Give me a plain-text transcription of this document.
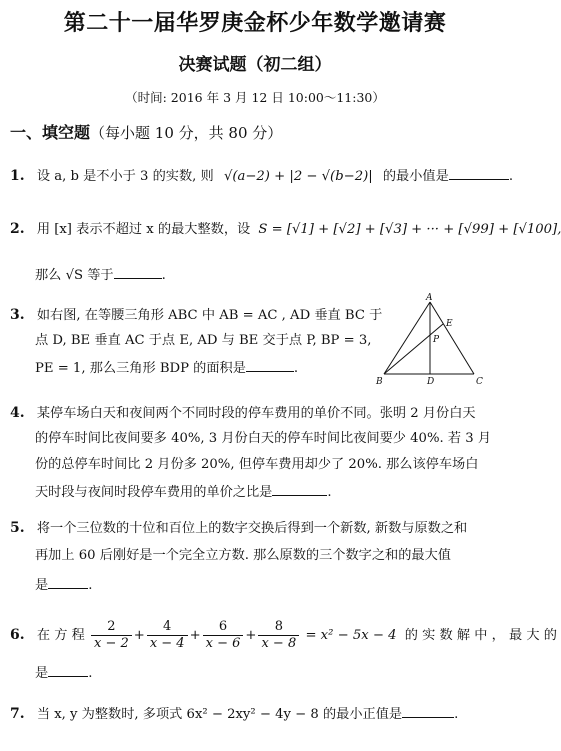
第二十一届华罗庚金杯少年数学邀请赛
决赛试题（初二组）
（时间: 2016 年 3 月 12 日 10:00～11:30）
一、填空题（每小题 10 分，共 80 分）
1. 设 a, b 是不小于 3 的实数, 则 √(a−2) + |2 − √(b−2)| 的最小值是	.
2. 用 [x] 表示不超过 x 的最大整数，设 S = [√1] + [√2] + [√3] + ··· + [√99] + [√100],
那么 √S 等于	.
3. 如右图, 在等腰三角形 ABC 中 AB = AC , AD 垂直 BC 于
点 D, BE 垂直 AC 于点 E, AD 与 BE 交于点 P, BP = 3,
PE = 1, 那么三角形 BDP 的面积是	.
A
B	C
D
E
P
4. 某停车场白天和夜间两个不同时段的停车费用的单价不同。张明 2 月份白天
的停车时间比夜间要多 40%, 3 月份白天的停车时间比夜间要少 40%. 若 3 月
份的总停车时间比 2 月份多 20%, 但停车费用却少了 20%. 那么该停车场白
天时段与夜间时段停车费用的单价之比是	.
5. 将一个三位数的十位和百位上的数字交换后得到一个新数, 新数与原数之和
再加上 60 后刚好是一个完全立方数. 那么原数的三个数字之和的最大值
是	.
6. 在 方 程 $\frac{2}{x - 2} + \frac{4}{x - 4} + \frac{6}{x - 6} + \frac{8}{x - 8} = x^2 - 5x - 4$ 的 实 数 解 中 ， 最 大 的
是	.
7. 当 x, y 为整数时, 多项式 6x² − 2xy² − 4y − 8 的最小正值是	.
